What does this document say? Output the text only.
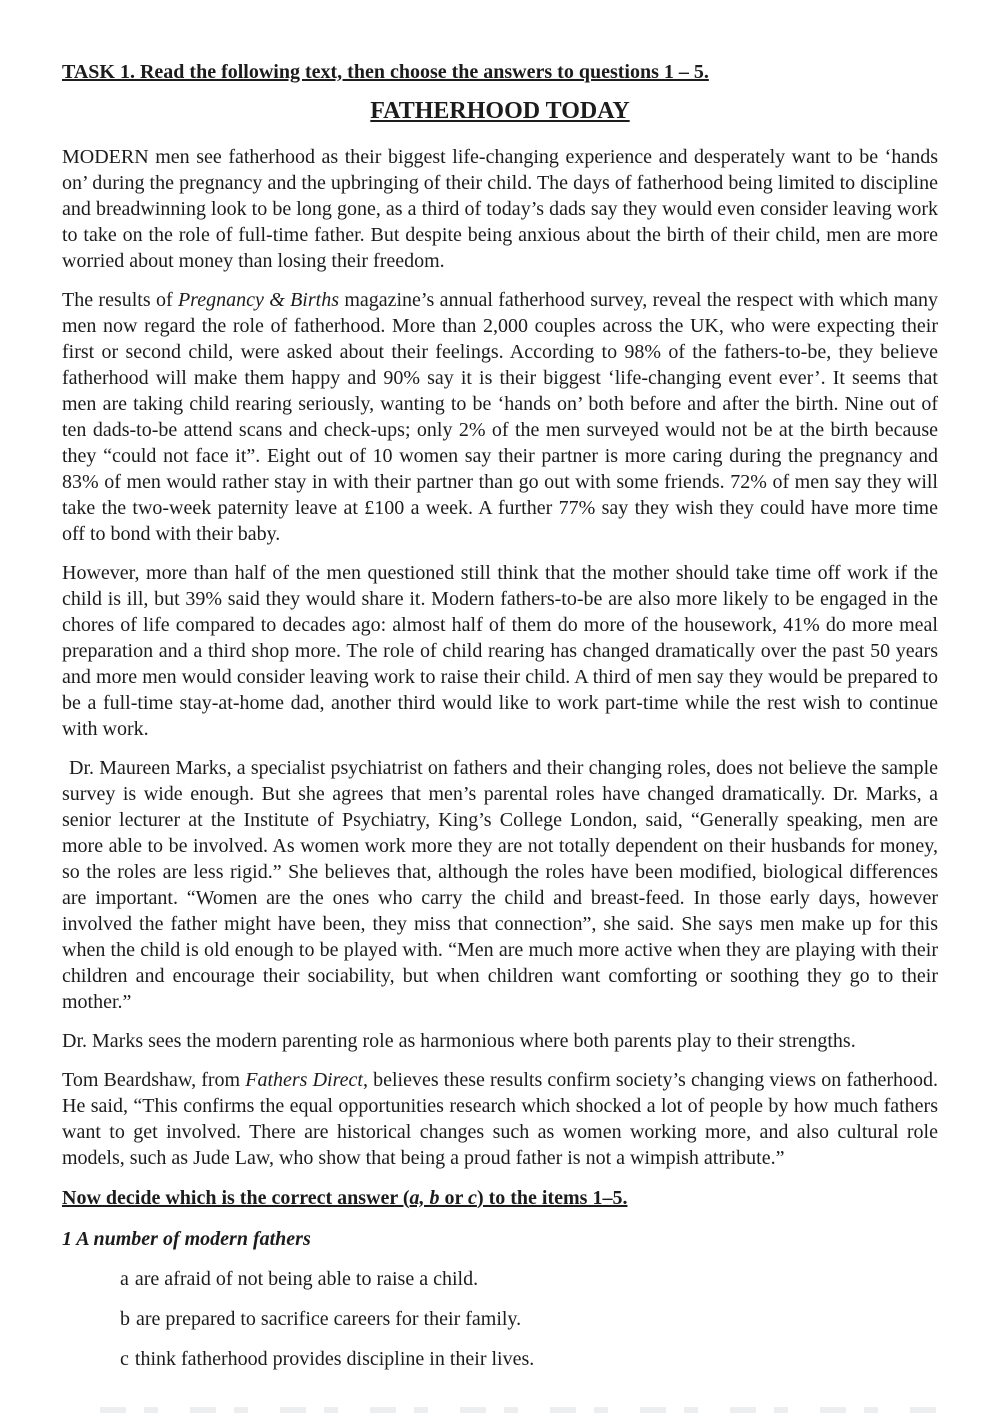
TASK 1. Read the following text, then choose the answers to questions 1 – 5.
FATHERHOOD TODAY

MODERN men see fatherhood as their biggest life-changing experience and desperately want to be ‘hands on’ during the pregnancy and the upbringing of their child. The days of fatherhood being limited to discipline and breadwinning look to be long gone, as a third of today’s dads say they would even consider leaving work to take on the role of full-time father. But despite being anxious about the birth of their child, men are more worried about money than losing their freedom.

The results of Pregnancy & Births magazine’s annual fatherhood survey, reveal the respect with which many men now regard the role of fatherhood. More than 2,000 couples across the UK, who were expecting their first or second child, were asked about their feelings. According to 98% of the fathers-to-be, they believe fatherhood will make them happy and 90% say it is their biggest ‘life-changing event ever’. It seems that men are taking child rearing seriously, wanting to be ‘hands on’ both before and after the birth. Nine out of ten dads-to-be attend scans and check-ups; only 2% of the men surveyed would not be at the birth because they “could not face it”. Eight out of 10 women say their partner is more caring during the pregnancy and 83% of men would rather stay in with their partner than go out with some friends. 72% of men say they will take the two-week paternity leave at £100 a week. A further 77% say they wish they could have more time off to bond with their baby.

However, more than half of the men questioned still think that the mother should take time off work if the child is ill, but 39% said they would share it. Modern fathers-to-be are also more likely to be engaged in the chores of life compared to decades ago: almost half of them do more of the housework, 41% do more meal preparation and a third shop more. The role of child rearing has changed dramatically over the past 50 years and more men would consider leaving work to raise their child. A third of men say they would be prepared to be a full-time stay-at-home dad, another third would like to work part-time while the rest wish to continue with work.

Dr. Maureen Marks, a specialist psychiatrist on fathers and their changing roles, does not believe the sample survey is wide enough. But she agrees that men’s parental roles have changed dramatically. Dr. Marks, a senior lecturer at the Institute of Psychiatry, King’s College London, said, “Generally speaking, men are more able to be involved. As women work more they are not totally dependent on their husbands for money, so the roles are less rigid.” She believes that, although the roles have been modified, biological differences are important. “Women are the ones who carry the child and breast-feed. In those early days, however involved the father might have been, they miss that connection”, she said. She says men make up for this when the child is old enough to be played with. “Men are much more active when they are playing with their children and encourage their sociability, but when children want comforting or soothing they go to their mother.”

Dr. Marks sees the modern parenting role as harmonious where both parents play to their strengths.

Tom Beardshaw, from Fathers Direct, believes these results confirm society’s changing views on fatherhood. He said, “This confirms the equal opportunities research which shocked a lot of people by how much fathers want to get involved. There are historical changes such as women working more, and also cultural role models, such as Jude Law, who show that being a proud father is not a wimpish attribute.”

Now decide which is the correct answer (a, b or c) to the items 1–5.
1 A number of modern fathers
a are afraid of not being able to raise a child.
b are prepared to sacrifice careers for their family.
c think fatherhood provides discipline in their lives.
